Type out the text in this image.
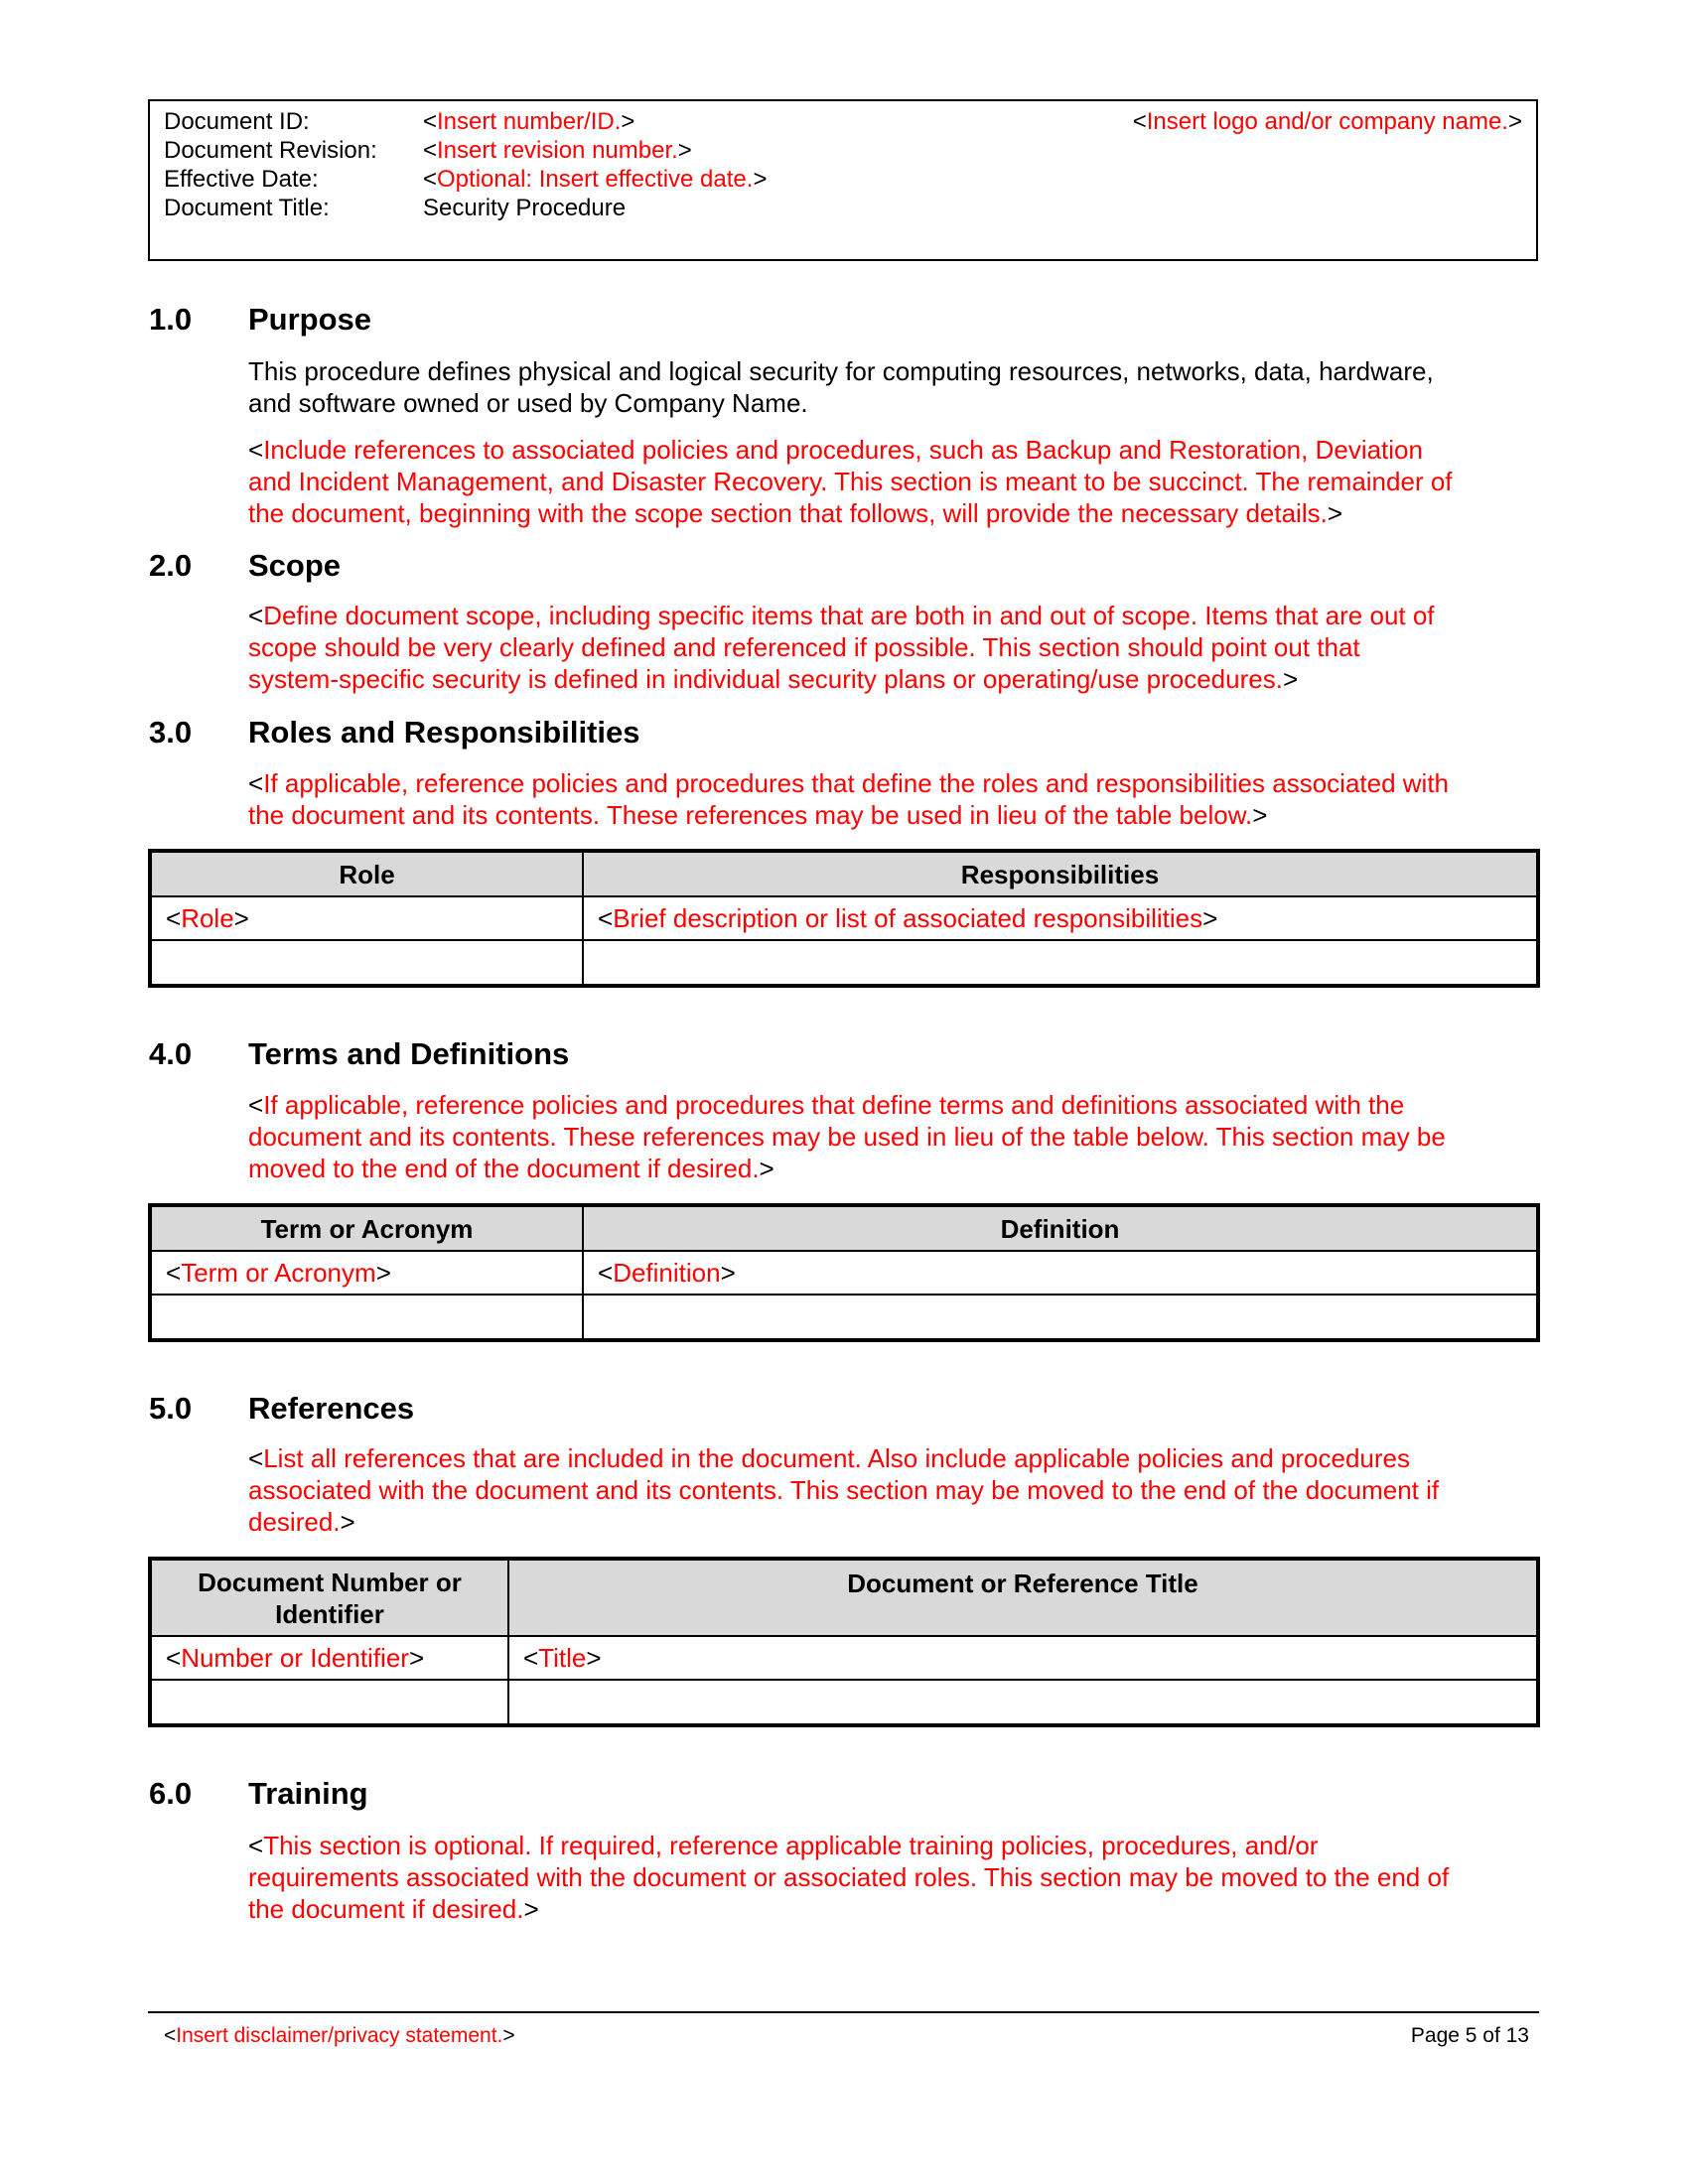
Document ID:	<Insert number/ID.>
Document Revision: <Insert revision number.>
Effective Date:	<Optional: Insert effective date.>
Document Title:	Security Procedure
<Insert logo and/or company name.>
1.0 Purpose
This procedure defines physical and logical security for computing resources, networks, data, hardware,
and software owned or used by Company Name.
<Include references to associated policies and procedures, such as Backup and Restoration, Deviation
and Incident Management, and Disaster Recovery. This section is meant to be succinct. The remainder of
the document, beginning with the scope section that follows, will provide the necessary details.>
2.0 Scope
<Define document scope, including specific items that are both in and out of scope. Items that are out of
scope should be very clearly defined and referenced if possible. This section should point out that
system-specific security is defined in individual security plans or operating/use procedures.>
3.0 Roles and Responsibilities
<If applicable, reference policies and procedures that define the roles and responsibilities associated with
the document and its contents. These references may be used in lieu of the table below.>
Role	Responsibilities
<Role>	<Brief description or list of associated responsibilities>

4.0 Terms and Definitions
<If applicable, reference policies and procedures that define terms and definitions associated with the
document and its contents. These references may be used in lieu of the table below. This section may be
moved to the end of the document if desired.>
Term or Acronym	Definition
<Term or Acronym>	<Definition>

5.0 References
<List all references that are included in the document. Also include applicable policies and procedures
associated with the document and its contents. This section may be moved to the end of the document if
desired.>
Document Number or
Identifier	Document or Reference Title
<Number or Identifier>	<Title>

6.0 Training
<This section is optional. If required, reference applicable training policies, procedures, and/or
requirements associated with the document or associated roles. This section may be moved to the end of
the document if desired.>
<Insert disclaimer/privacy statement.>	Page 5 of 13
